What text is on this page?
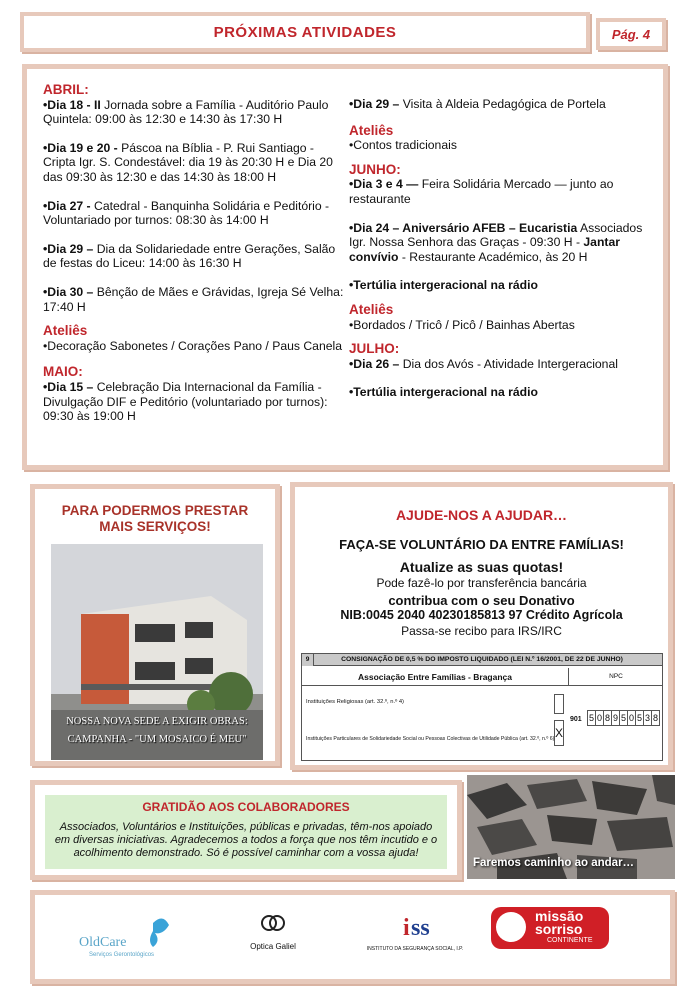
PRÓXIMAS ATIVIDADES	Pág. 4
ABRIL:
•Dia 18 - II Jornada sobre a Família - Auditório Paulo Quintela: 09:00 às 12:30 e 14:30 às 17:30 H
•Dia 19 e 20 - Páscoa na Bíblia - P. Rui Santiago - Cripta Igr. S. Condestável: dia 19 às 20:30 H e Dia 20 das 09:30 às 12:30 e das 14:30 às 18:00 H
•Dia 27 - Catedral - Banquinha Solidária e Peditório - Voluntariado por turnos: 08:30 às 14:00 H
•Dia 29 – Dia da Solidariedade entre Gerações, Salão de festas do Liceu: 14:00 às 16:30 H
•Dia 30 – Bênção de Mães e Grávidas, Igreja Sé Velha: 17:40 H
Ateliês
•Decoração Sabonetes / Corações Pano / Paus Canela
MAIO:
•Dia 15 – Celebração Dia Internacional da Família - Divulgação DIF e Peditório (voluntariado por turnos): 09:30 às 19:00 H
•Dia 29 – Visita à Aldeia Pedagógica de Portela
Ateliês
•Contos tradicionais
JUNHO:
•Dia 3 e 4 — Feira Solidária Mercado — junto ao restaurante
•Dia 24 – Aniversário AFEB – Eucaristia Associados Igr. Nossa Senhora das Graças - 09:30 H - Jantar convívio - Restaurante Académico, às 20 H
•Tertúlia intergeracional na rádio
Ateliês
•Bordados / Tricô / Picô / Bainhas Abertas
JULHO:
•Dia 26 – Dia dos Avós - Atividade Intergeracional
•Tertúlia intergeracional na rádio
PARA PODERMOS PRESTAR
MAIS SERVIÇOS!
NOSSA NOVA SEDE A EXIGIR OBRAS:
CAMPANHA - "UM MOSAICO É MEU"
AJUDE-NOS A AJUDAR…
FAÇA-SE VOLUNTÁRIO DA ENTRE FAMÍLIAS!
Atualize as suas quotas!
Pode fazê-lo por transferência bancária
contribua com o seu Donativo
NIB:0045 2040 40230185813 97 Crédito Agrícola
Passa-se recibo para IRS/IRC
CONSIGNAÇÃO DE 0,5 % DO IMPOSTO LIQUIDADO (LEI N.º 16/2001, DE 22 DE JUNHO)
9
Associação Entre Famílias - Bragança	NPC
Instituições Religiosas (art. 32.º, n.º 4)
Instituições Particulares de Solidariedade Social ou Pessoas Colectivas de Utilidade Pública (art. 32.º, n.º 6) X
901 5 0 8 9 5 0 5 3 8
GRATIDÃO AOS COLABORADORES
Associados, Voluntários e Instituições, públicas e privadas, têm-nos apoiado em diversas iniciativas. Agradecemos a todos a força que nos têm incutido e o acolhimento demonstrado. Só é possível caminhar com a vossa ajuda!
Faremos caminho ao andar…
OldCare
Serviços Gerontológicos
Optica Galiel
i ss
INSTITUTO DA SEGURANÇA SOCIAL, I.P.
missão
sorriso
CONTINENTE
